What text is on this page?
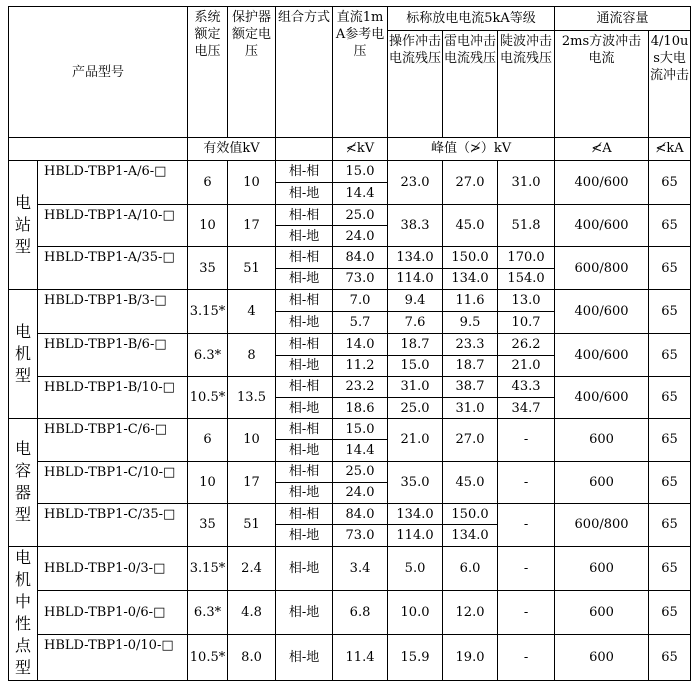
产品型号		系统额定电压	保护器额定电压	组合方式	直流1mA参考电压	标称放电电流5kA等级			通流容量	
						操作冲击电流残压	雷电冲击电流残压	陡波冲击电流残压	2ms方波冲击电流	4/10us大电流冲击
		有效值kV			≮kV	峰值（≯）kV			≮A	≮kA
电站型	HBLD-TBP1-A/6-□	6	10	相-相	15.0	23.0	27.0	31.0	400/600	65
				相-地	14.4					
	HBLD-TBP1-A/10-□	10	17	相-相	25.0	38.3	45.0	51.8	400/600	65
				相-地	24.0					
	HBLD-TBP1-A/35-□	35	51	相-相	84.0	134.0	150.0	170.0	600/800	65
				相-地	73.0	114.0	134.0	154.0		
电机型	HBLD-TBP1-B/3-□	3.15*	4	相-相	7.0	9.4	11.6	13.0	400/600	65
				相-地	5.7	7.6	9.5	10.7		
	HBLD-TBP1-B/6-□	6.3*	8	相-相	14.0	18.7	23.3	26.2	400/600	65
				相-地	11.2	15.0	18.7	21.0		
	HBLD-TBP1-B/10-□	10.5*	13.5	相-相	23.2	31.0	38.7	43.3	400/600	65
				相-地	18.6	25.0	31.0	34.7		
电容器型	HBLD-TBP1-C/6-□	6	10	相-相	15.0	21.0	27.0	-	600	65
				相-地	14.4					
	HBLD-TBP1-C/10-□	10	17	相-相	25.0	35.0	45.0	-	600	65
				相-地	24.0					
	HBLD-TBP1-C/35-□	35	51	相-相	84.0	134.0	150.0	-	600/800	65
				相-地	73.0	114.0	134.0			
电机中性点型	HBLD-TBP1-0/3-□	3.15*	2.4	相-地	3.4	5.0	6.0	-	600	65
	HBLD-TBP1-0/6-□	6.3*	4.8	相-地	6.8	10.0	12.0	-	600	65
	HBLD-TBP1-0/10-□	10.5*	8.0	相-地	11.4	15.9	19.0	-	600	65
